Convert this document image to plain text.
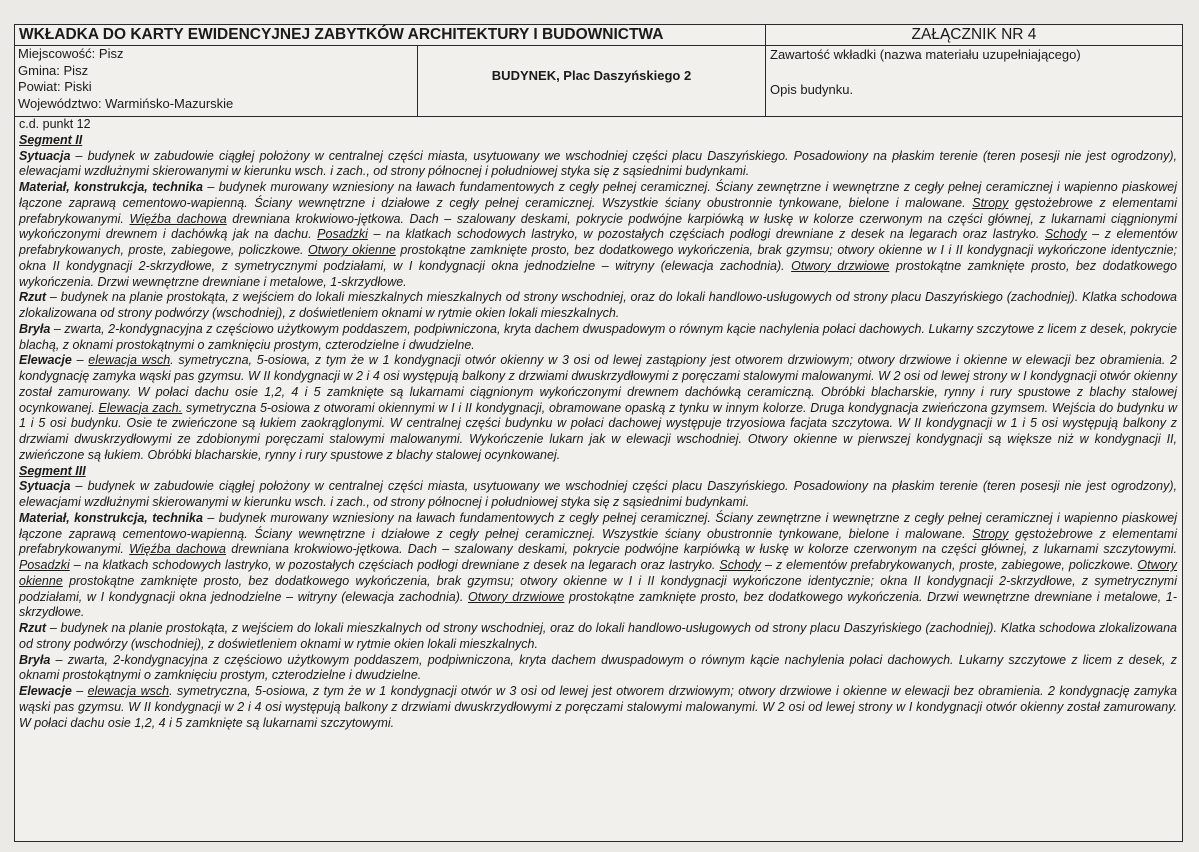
WKŁADKA DO KARTY EWIDENCYJNEJ ZABYTKÓW ARCHITEKTURY I BUDOWNICTWA	ZAŁĄCZNIK NR 4
Miejscowość: Pisz
Gmina: Pisz
Powiat: Piski
Województwo: Warmińsko-Mazurskie
BUDYNEK, Plac Daszyńskiego 2
Zawartość wkładki (nazwa materiału uzupełniającego)
Opis budynku.
c.d. punkt 12
Segment II

Sytuacja – budynek w zabudowie ciągłej położony w centralnej części miasta, usytuowany we wschodniej części placu Daszyńskiego. Posadowiony na płaskim terenie (teren posesji nie jest ogrodzony), elewacjami wzdłużnymi skierowanymi w kierunku wsch. i zach., od strony północnej i południowej styka się z sąsiednimi budynkami.

Materiał, konstrukcja, technika – budynek murowany wzniesiony na ławach fundamentowych z cegły pełnej ceramicznej. Ściany zewnętrzne i wewnętrzne z cegły pełnej ceramicznej i wapienno piaskowej łączone zaprawą cementowo-wapienną. Ściany wewnętrzne i działowe z cegły pełnej ceramicznej. Wszystkie ściany obustronnie tynkowane, bielone i malowane. Stropy gęstożebrowe z elementami prefabrykowanymi. Więźba dachowa drewniana krokwiowo-jętkowa. Dach – szalowany deskami, pokrycie podwójne karpiówką w łuskę w kolorze czerwonym na części głównej, z lukarnami ciągnionymi wykończonymi drewnem i dachówką jak na dachu. Posadzki – na klatkach schodowych lastryko, w pozostałych częściach podłogi drewniane z desek na legarach oraz lastryko. Schody – z elementów prefabrykowanych, proste, zabiegowe, policzkowe. Otwory okienne prostokątne zamknięte prosto, bez dodatkowego wykończenia, brak gzymsu; otwory okienne w I i II kondygnacji wykończone identycznie; okna II kondygnacji 2-skrzydłowe, z symetrycznymi podziałami, w I kondygnacji okna jednodzielne – witryny (elewacja zachodnia). Otwory drzwiowe prostokątne zamknięte prosto, bez dodatkowego wykończenia. Drzwi wewnętrzne drewniane i metalowe, 1-skrzydłowe.

Rzut – budynek na planie prostokąta, z wejściem do lokali mieszkalnych mieszkalnych od strony wschodniej, oraz do lokali handlowo-usługowych od strony placu Daszyńskiego (zachodniej). Klatka schodowa zlokalizowana od strony podwórzy (wschodniej), z doświetleniem oknami w rytmie okien lokali mieszkalnych.

Bryła – zwarta, 2-kondygnacyjna z częściowo użytkowym poddaszem, podpiwniczona, kryta dachem dwuspadowym o równym kącie nachylenia połaci dachowych. Lukarny szczytowe z licem z desek, pokrycie blachą, z oknami prostokątnymi o zamknięciu prostym, czterodzielne i dwudzielne.

Elewacje – elewacja wsch. symetryczna, 5-osiowa, z tym że w 1 kondygnacji otwór okienny w 3 osi od lewej zastąpiony jest otworem drzwiowym; otwory drzwiowe i okienne w elewacji bez obramienia. 2 kondygnację zamyka wąski pas gzymsu. W II kondygnacji w 2 i 4 osi występują balkony z drzwiami dwuskrzydłowymi z poręczami stalowymi malowanymi. W 2 osi od lewej strony w I kondygnacji otwór okienny został zamurowany. W połaci dachu osie 1,2, 4 i 5 zamknięte są lukarnami ciągnionym wykończonymi drewnem dachówką ceramiczną. Obróbki blacharskie, rynny i rury spustowe z blachy stalowej ocynkowanej. Elewacja zach. symetryczna 5-osiowa z otworami okiennymi w I i II kondygnacji, obramowane opaską z tynku w innym kolorze. Druga kondygnacja zwieńczona gzymsem. Wejścia do budynku w 1 i 5 osi budynku. Osie te zwieńczone są łukiem zaokrąglonymi. W centralnej części budynku w połaci dachowej występuje trzyosiowa facjata szczytowa. W II kondygnacji w 1 i 5 osi występują balkony z drzwiami dwuskrzydłowymi ze zdobionymi poręczami stalowymi malowanymi. Wykończenie lukarn jak w elewacji wschodniej. Otwory okienne w pierwszej kondygnacji są większe niż w kondygnacji II, zwieńczone są łukiem. Obróbki blacharskie, rynny i rury spustowe z blachy stalowej ocynkowanej.

Segment III

Sytuacja – budynek w zabudowie ciągłej położony w centralnej części miasta, usytuowany we wschodniej części placu Daszyńskiego. Posadowiony na płaskim terenie (teren posesji nie jest ogrodzony), elewacjami wzdłużnymi skierowanymi w kierunku wsch. i zach., od strony północnej i południowej styka się z sąsiednimi budynkami.

Materiał, konstrukcja, technika – budynek murowany wzniesiony na ławach fundamentowych z cegły pełnej ceramicznej. Ściany zewnętrzne i wewnętrzne z cegły pełnej ceramicznej i wapienno piaskowej łączone zaprawą cementowo-wapienną. Ściany wewnętrzne i działowe z cegły pełnej ceramicznej. Wszystkie ściany obustronnie tynkowane, bielone i malowane. Stropy gęstożebrowe z elementami prefabrykowanymi. Więźba dachowa drewniana krokwiowo-jętkowa. Dach – szalowany deskami, pokrycie podwójne karpiówką w łuskę w kolorze czerwonym na części głównej, z lukarnami szczytowymi. Posadzki – na klatkach schodowych lastryko, w pozostałych częściach podłogi drewniane z desek na legarach oraz lastryko. Schody – z elementów prefabrykowanych, proste, zabiegowe, policzkowe. Otwory okienne prostokątne zamknięte prosto, bez dodatkowego wykończenia, brak gzymsu; otwory okienne w I i II kondygnacji wykończone identycznie; okna II kondygnacji 2-skrzydłowe, z symetrycznymi podziałami, w I kondygnacji okna jednodzielne – witryny (elewacja zachodnia). Otwory drzwiowe prostokątne zamknięte prosto, bez dodatkowego wykończenia. Drzwi wewnętrzne drewniane i metalowe, 1-skrzydłowe.

Rzut – budynek na planie prostokąta, z wejściem do lokali mieszkalnych od strony wschodniej, oraz do lokali handlowo-usługowych od strony placu Daszyńskiego (zachodniej). Klatka schodowa zlokalizowana od strony podwórzy (wschodniej), z doświetleniem oknami w rytmie okien lokali mieszkalnych.

Bryła – zwarta, 2-kondygnacyjna z częściowo użytkowym poddaszem, podpiwniczona, kryta dachem dwuspadowym o równym kącie nachylenia połaci dachowych. Lukarny szczytowe z licem z desek, z oknami prostokątnymi o zamknięciu prostym, czterodzielne i dwudzielne.

Elewacje – elewacja wsch. symetryczna, 5-osiowa, z tym że w 1 kondygnacji otwór w 3 osi od lewej jest otworem drzwiowym; otwory drzwiowe i okienne w elewacji bez obramienia. 2 kondygnację zamyka wąski pas gzymsu. W II kondygnacji w 2 i 4 osi występują balkony z drzwiami dwuskrzydłowymi z poręczami stalowymi malowanymi. W 2 osi od lewej strony w I kondygnacji otwór okienny został zamurowany. W połaci dachu osie 1,2, 4 i 5 zamknięte są lukarnami szczytowymi.
